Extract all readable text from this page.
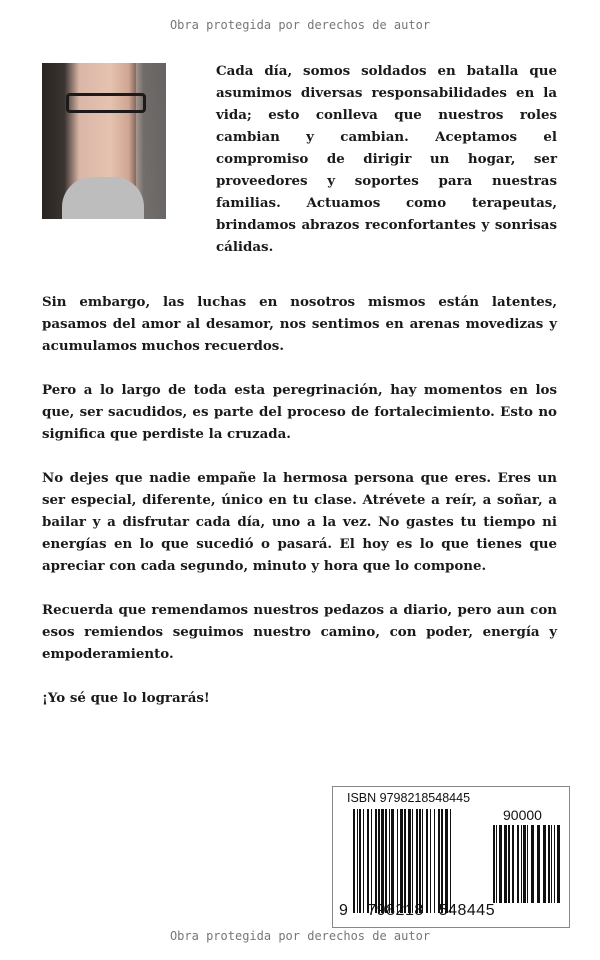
Obra protegida por derechos de autor

Cada día, somos soldados en batalla que asumimos diversas responsabilidades en la vida; esto conlleva que nuestros roles cambian y cambian. Aceptamos el compromiso de dirigir un hogar, ser proveedores y soportes para nuestras familias. Actuamos como terapeutas, brindamos abrazos reconfortantes y sonrisas cálidas.

Sin embargo, las luchas en nosotros mismos están latentes, pasamos del amor al desamor, nos sentimos en arenas movedizas y acumulamos muchos recuerdos.

Pero a lo largo de toda esta peregrinación, hay momentos en los que, ser sacudidos, es parte del proceso de fortalecimiento. Esto no significa que perdiste la cruzada.

No dejes que nadie empañe la hermosa persona que eres. Eres un ser especial, diferente, único en tu clase. Atrévete a reír, a soñar, a bailar y a disfrutar cada día, uno a la vez. No gastes tu tiempo ni energías en lo que sucedió o pasará. El hoy es lo que tienes que apreciar con cada segundo, minuto y hora que lo compone.

Recuerda que remendamos nuestros pedazos a diario, pero aun con esos remiendos seguimos nuestro camino, con poder, energía y empoderamiento.

¡Yo sé que lo lograrás!

ISBN 9798218548445
90000
9 798218 548445
Obra protegida por derechos de autor
